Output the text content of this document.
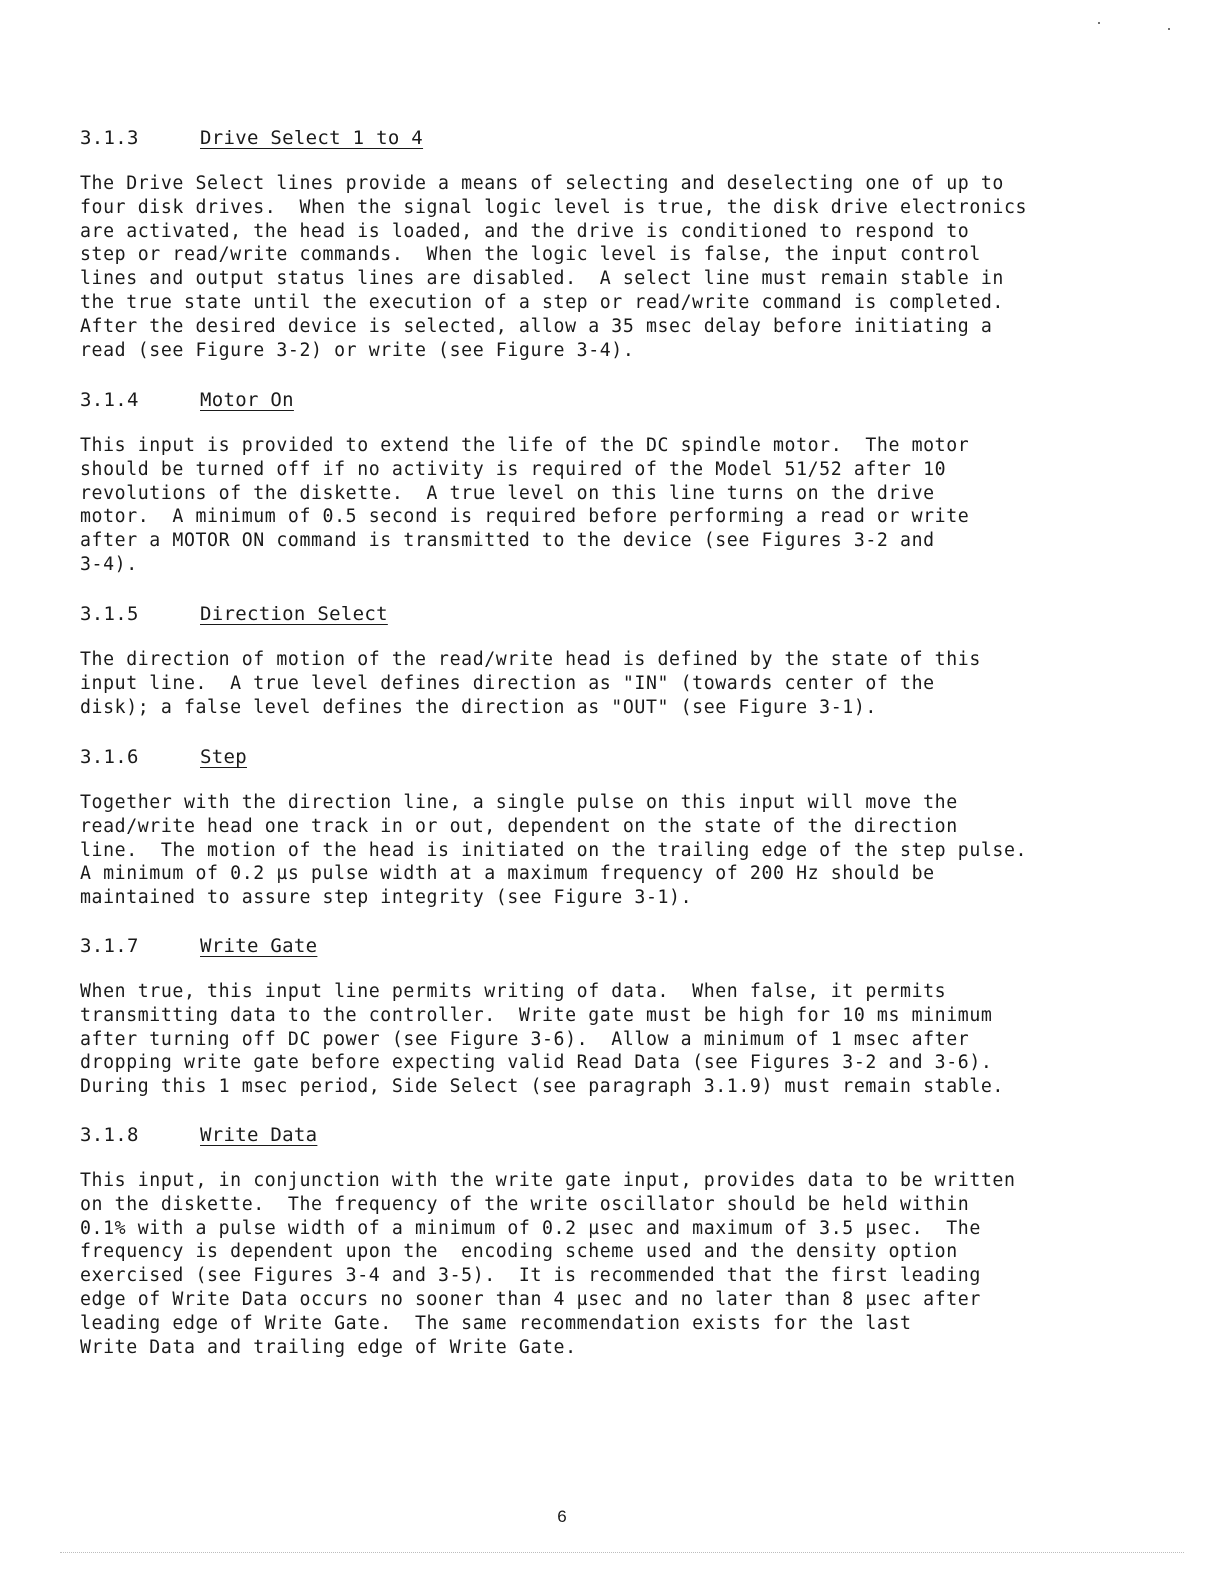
3.1.3	Drive Select 1 to 4
The Drive Select lines provide a means of selecting and deselecting one of up to
four disk drives.  When the signal logic level is true, the disk drive electronics
are activated, the head is loaded, and the drive is conditioned to respond to
step or read/write commands.  When the logic level is false, the input control
lines and output status lines are disabled.  A select line must remain stable in
the true state until the execution of a step or read/write command is completed.
After the desired device is selected, allow a 35 msec delay before initiating a
read (see Figure 3-2) or write (see Figure 3-4).
3.1.4	Motor On
This input is provided to extend the life of the DC spindle motor.  The motor
should be turned off if no activity is required of the Model 51/52 after 10
revolutions of the diskette.  A true level on this line turns on the drive
motor.  A minimum of 0.5 second is required before performing a read or write
after a MOTOR ON command is transmitted to the device (see Figures 3-2 and
3-4).
3.1.5	Direction Select
The direction of motion of the read/write head is defined by the state of this
input line.  A true level defines direction as "IN" (towards center of the
disk); a false level defines the direction as "OUT" (see Figure 3-1).
3.1.6	Step
Together with the direction line, a single pulse on this input will move the
read/write head one track in or out, dependent on the state of the direction
line.  The motion of the head is initiated on the trailing edge of the step pulse.
A minimum of 0.2 µs pulse width at a maximum frequency of 200 Hz should be
maintained to assure step integrity (see Figure 3-1).
3.1.7	Write Gate
When true, this input line permits writing of data.  When false, it permits
transmitting data to the controller.  Write gate must be high for 10 ms minimum
after turning off DC power (see Figure 3-6).  Allow a minimum of 1 msec after
dropping write gate before expecting valid Read Data (see Figures 3-2 and 3-6).
During this 1 msec period, Side Select (see paragraph 3.1.9) must remain stable.
3.1.8	Write Data
This input, in conjunction with the write gate input, provides data to be written
on the diskette.  The frequency of the write oscillator should be held within
0.1% with a pulse width of a minimum of 0.2 µsec and maximum of 3.5 µsec.  The
frequency is dependent upon the  encoding scheme used and the density option
exercised (see Figures 3-4 and 3-5).  It is recommended that the first leading
edge of Write Data occurs no sooner than 4 µsec and no later than 8 µsec after
leading edge of Write Gate.  The same recommendation exists for the last
Write Data and trailing edge of Write Gate.
6
